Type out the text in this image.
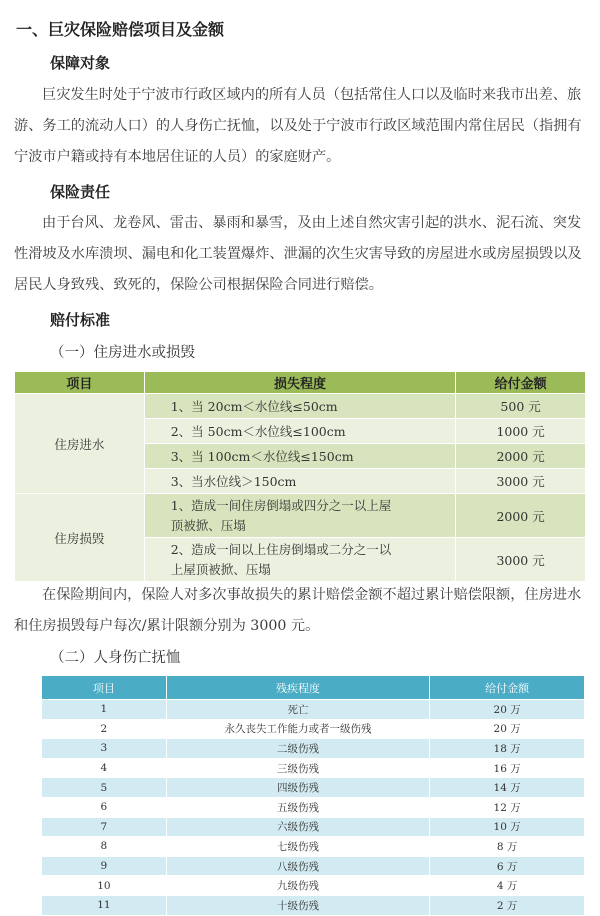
一、巨灾保险赔偿项目及金额
保障对象
巨灾发生时处于宁波市行政区域内的所有人员（包括常住人口以及临时来我市出差、旅游、务工的流动人口）的人身伤亡抚恤，以及处于宁波市行政区域范围内常住居民（指拥有宁波市户籍或持有本地居住证的人员）的家庭财产。
保险责任
由于台风、龙卷风、雷击、暴雨和暴雪，及由上述自然灾害引起的洪水、泥石流、突发性滑坡及水库溃坝、漏电和化工装置爆炸、泄漏的次生灾害导致的房屋进水或房屋损毁以及居民人身致残、致死的，保险公司根据保险合同进行赔偿。
赔付标准
（一）住房进水或损毁
项目	损失程度	给付金额
住房进水	1、当 20cm＜水位线≤50cm	500 元
	2、当 50cm＜水位线≤100cm	1000 元
	3、当 100cm＜水位线≤150cm	2000 元
	3、当水位线＞150cm	3000 元
住房损毁	1、造成一间住房倒塌或四分之一以上屋
顶被掀、压塌	2000 元
	2、造成一间以上住房倒塌或二分之一以
上屋顶被掀、压塌	3000 元
在保险期间内，保险人对多次事故损失的累计赔偿金额不超过累计赔偿限额，住房进水和住房损毁每户每次/累计限额分别为 3000 元。
（二）人身伤亡抚恤
项目	残疾程度	给付金额
1	死亡	20 万
2	永久丧失工作能力或者一级伤残	20 万
3	二级伤残	18 万
4	三级伤残	16 万
5	四级伤残	14 万
6	五级伤残	12 万
7	六级伤残	10 万
8	七级伤残	8 万
9	八级伤残	6 万
10	九级伤残	4 万
11	十级伤残	2 万
